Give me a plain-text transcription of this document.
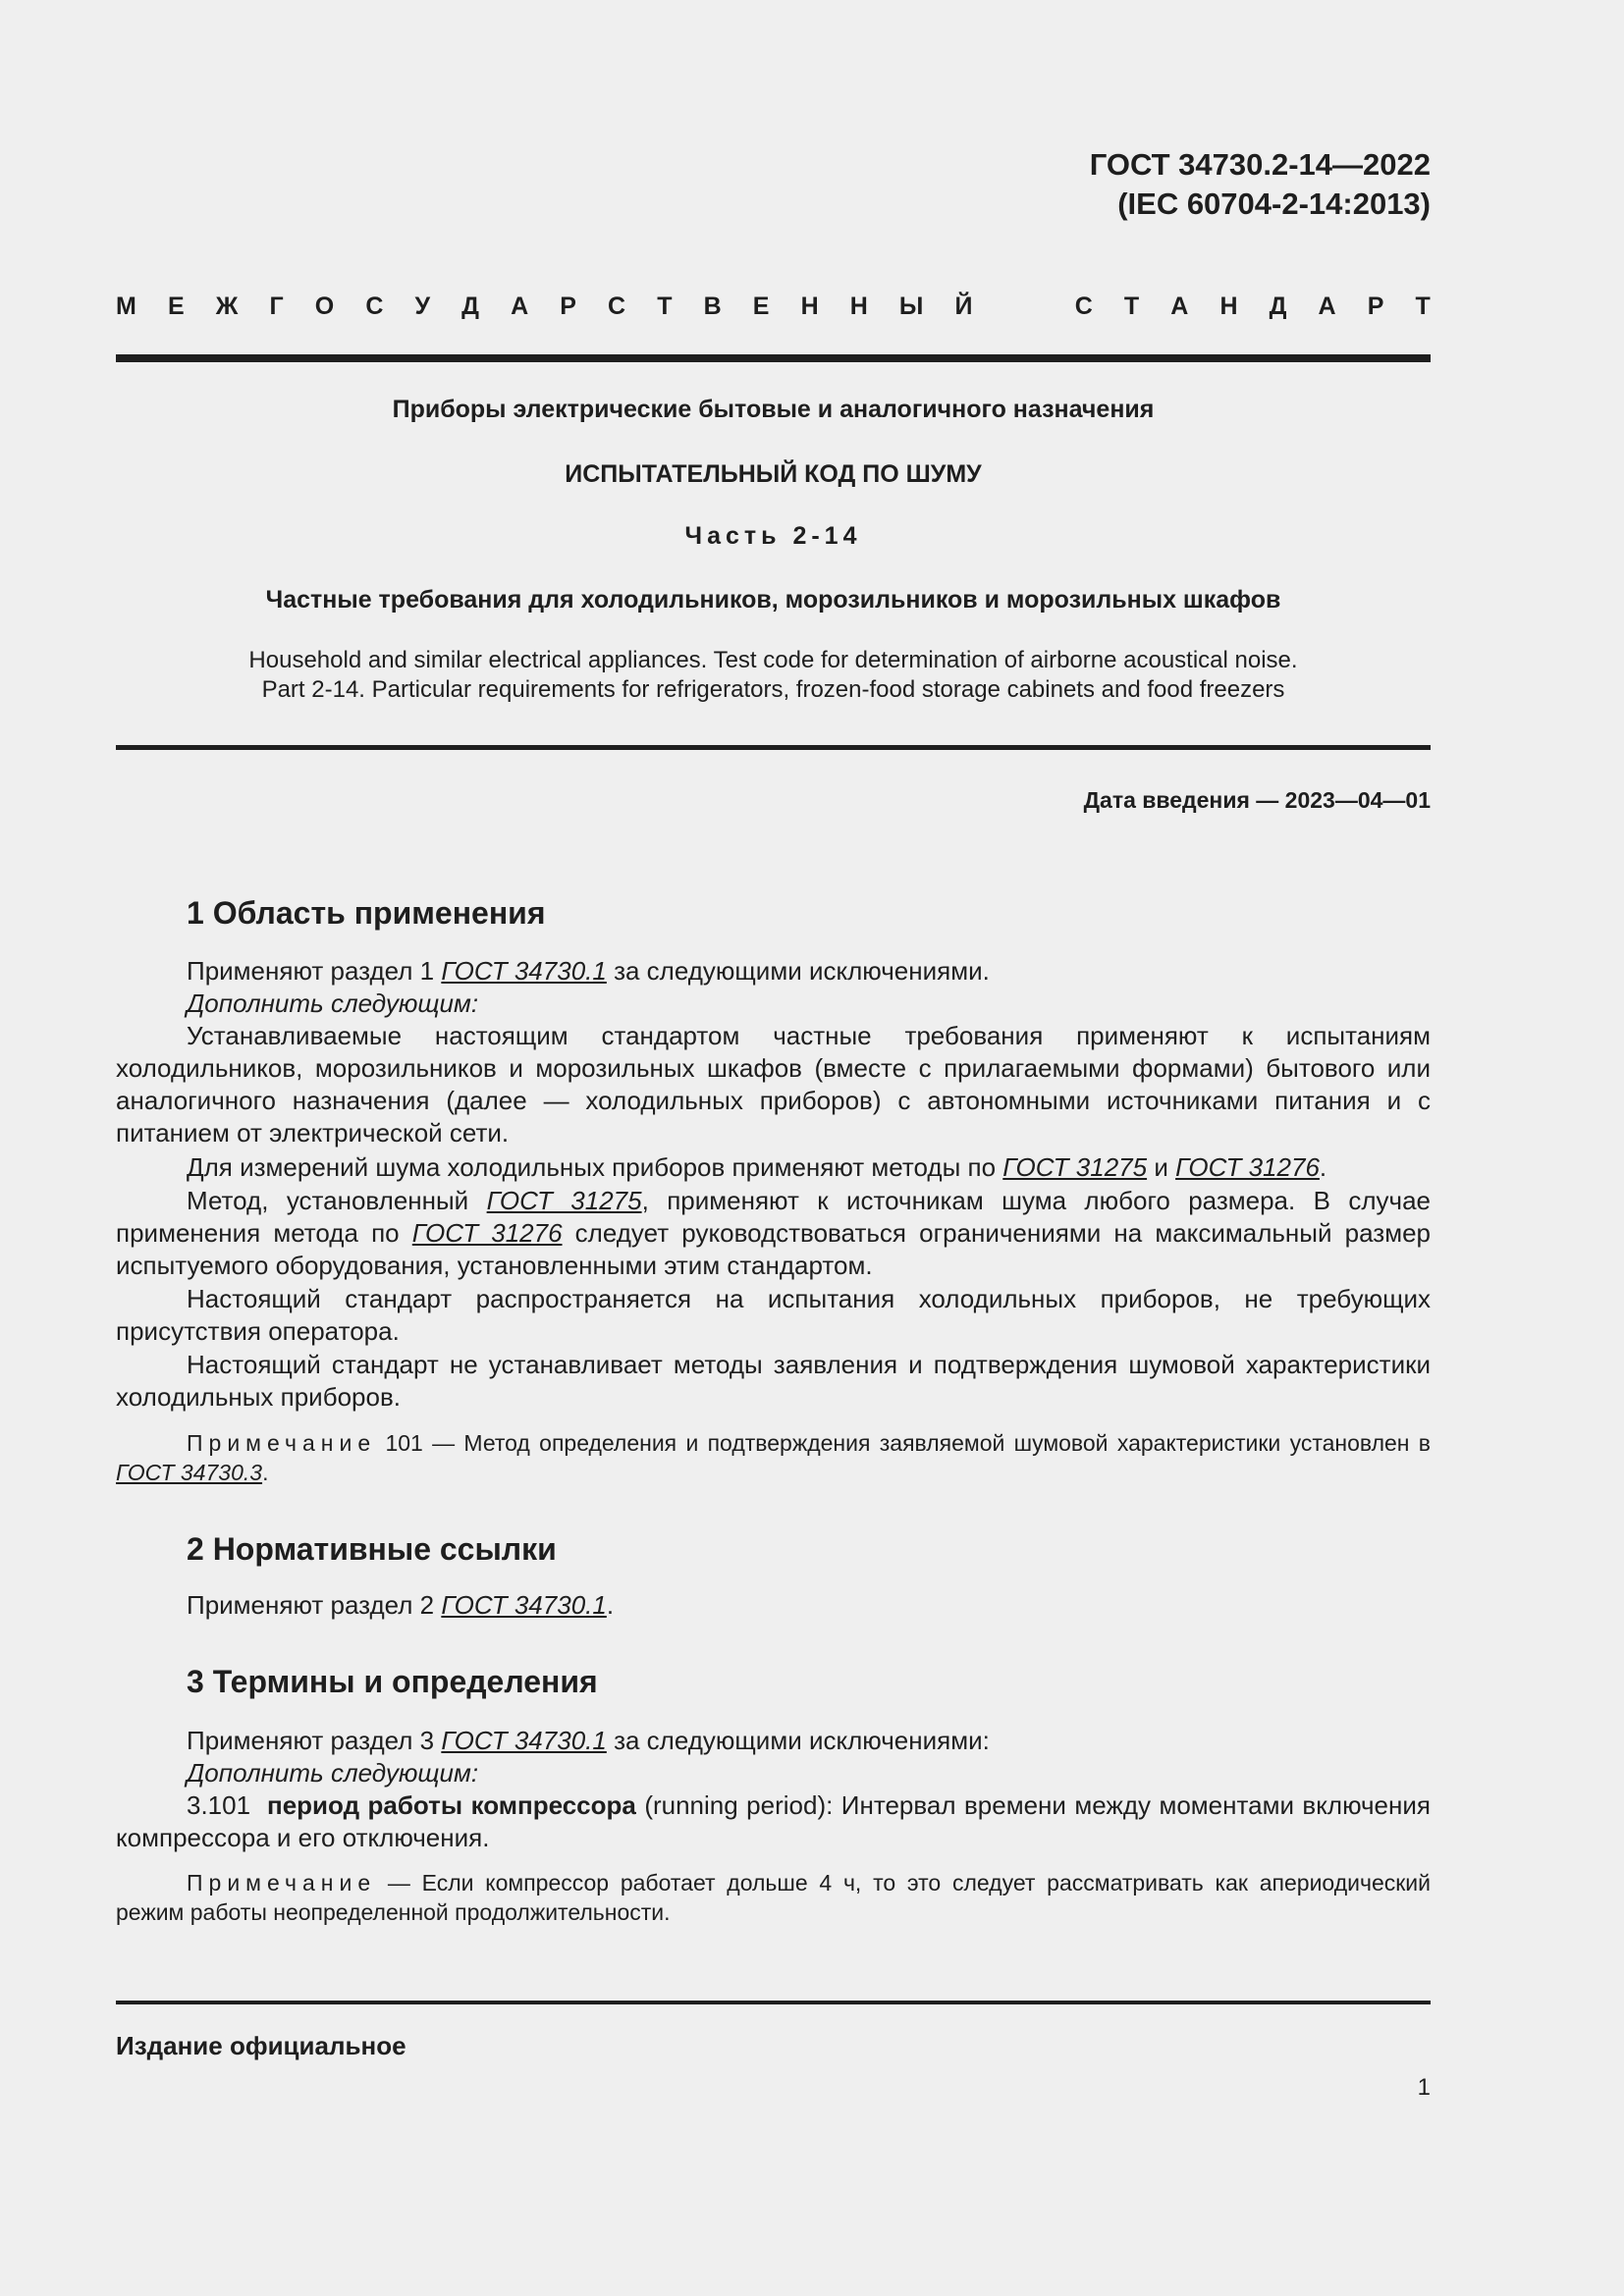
ГОСТ 34730.2-14—2022
(IEC 60704-2-14:2013)
М Е Ж Г О С У Д А Р С Т В Е Н Н Ы Й	С Т А Н Д А Р Т
Приборы электрические бытовые и аналогичного назначения
ИСПЫТАТЕЛЬНЫЙ КОД ПО ШУМУ
Часть 2-14
Частные требования для холодильников, морозильников и морозильных шкафов
Household and similar electrical appliances. Test code for determination of airborne acoustical noise.
Part 2-14. Particular requirements for refrigerators, frozen-food storage cabinets and food freezers
Дата введения — 2023—04—01
1 Область применения
Применяют раздел 1 ГОСТ 34730.1 за следующими исключениями.
Дополнить следующим:
Устанавливаемые настоящим стандартом частные требования применяют к испытаниям холодильников, морозильников и морозильных шкафов (вместе с прилагаемыми формами) бытового или аналогичного назначения (далее — холодильных приборов) с автономными источниками питания и с питанием от электрической сети.
Для измерений шума холодильных приборов применяют методы по ГОСТ 31275 и ГОСТ 31276.
Метод, установленный ГОСТ 31275, применяют к источникам шума любого размера. В случае применения метода по ГОСТ 31276 следует руководствоваться ограничениями на максимальный размер испытуемого оборудования, установленными этим стандартом.
Настоящий стандарт распространяется на испытания холодильных приборов, не требующих присутствия оператора.
Настоящий стандарт не устанавливает методы заявления и подтверждения шумовой характеристики холодильных приборов.
Примечание 101 — Метод определения и подтверждения заявляемой шумовой характеристики установлен в ГОСТ 34730.3.
2 Нормативные ссылки
Применяют раздел 2 ГОСТ 34730.1.
3 Термины и определения
Применяют раздел 3 ГОСТ 34730.1 за следующими исключениями:
Дополнить следующим:
3.101 период работы компрессора (running period): Интервал времени между моментами включения компрессора и его отключения.
Примечание — Если компрессор работает дольше 4 ч, то это следует рассматривать как апериодический режим работы неопределенной продолжительности.
Издание официальное
1
